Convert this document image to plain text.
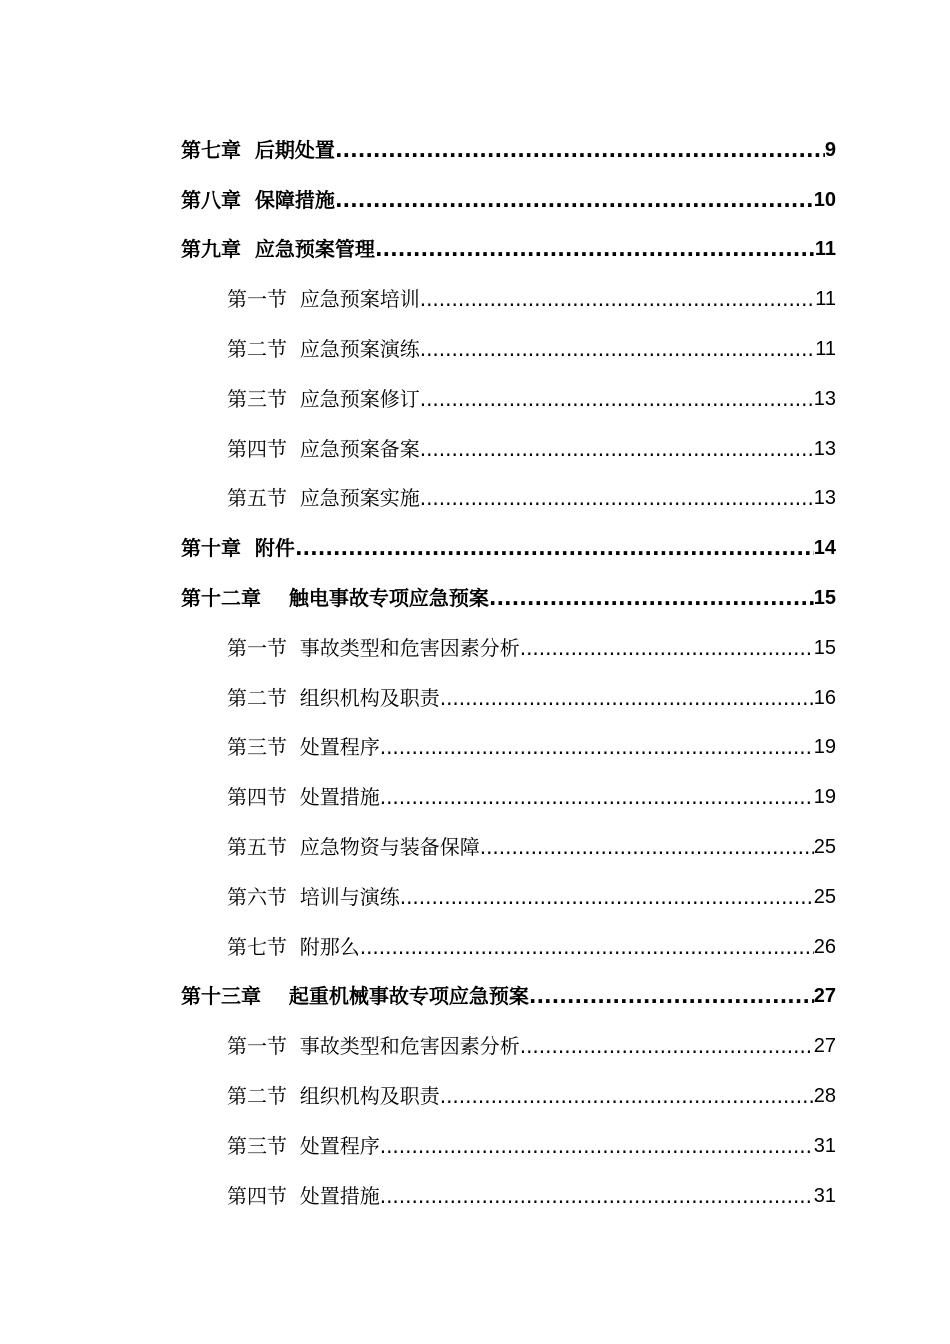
第七章  后期处置 .....	9
第八章  保障措施 .....	10
第九章  应急预案管理 .....	11
第一节  应急预案培训 .....	11
第二节  应急预案演练 .....	11
第三节  应急预案修订 .....	13
第四节  应急预案备案 .....	13
第五节  应急预案实施 .....	13
第十章  附件 .....	14
第十二章    触电事故专项应急预案 .....	15
第一节  事故类型和危害因素分析 .....	15
第二节  组织机构及职责 .....	16
第三节  处置程序 .....	19
第四节  处置措施 .....	19
第五节  应急物资与装备保障 .....	25
第六节  培训与演练 .....	25
第七节  附那么 .....	26
第十三章    起重机械事故专项应急预案 .....	27
第一节  事故类型和危害因素分析 .....	27
第二节  组织机构及职责 .....	28
第三节  处置程序 .....	31
第四节  处置措施 .....	31
